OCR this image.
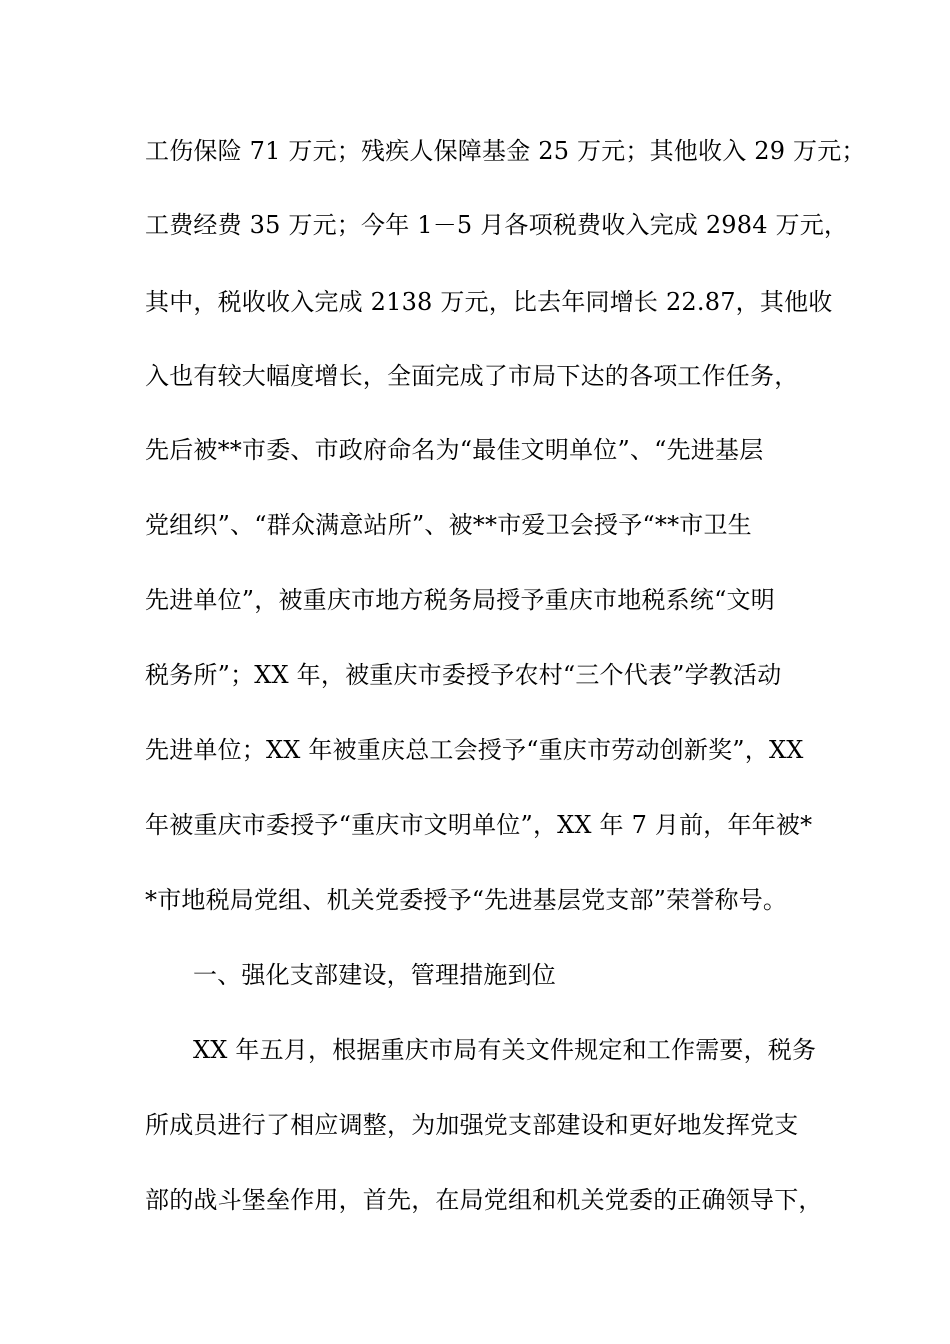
工伤保险 71 万元；残疾人保障基金 25 万元；其他收入 29 万元；
工费经费 35 万元；今年 1－5 月各项税费收入完成 2984 万元，
其中，税收收入完成 2138 万元，比去年同增长 22.87，其他收
入也有较大幅度增长，全面完成了市局下达的各项工作任务，
先后被**市委、市政府命名为“最佳文明单位”、“先进基层
党组织”、“群众满意站所”、被**市爱卫会授予“**市卫生
先进单位”，被重庆市地方税务局授予重庆市地税系统“文明
税务所”；XX 年，被重庆市委授予农村“三个代表”学教活动
先进单位；XX 年被重庆总工会授予“重庆市劳动创新奖”，XX
年被重庆市委授予“重庆市文明单位”，XX 年 7 月前，年年被*
*市地税局党组、机关党委授予“先进基层党支部”荣誉称号。
一、强化支部建设，管理措施到位
XX 年五月，根据重庆市局有关文件规定和工作需要，税务
所成员进行了相应调整，为加强党支部建设和更好地发挥党支
部的战斗堡垒作用，首先，在局党组和机关党委的正确领导下，
